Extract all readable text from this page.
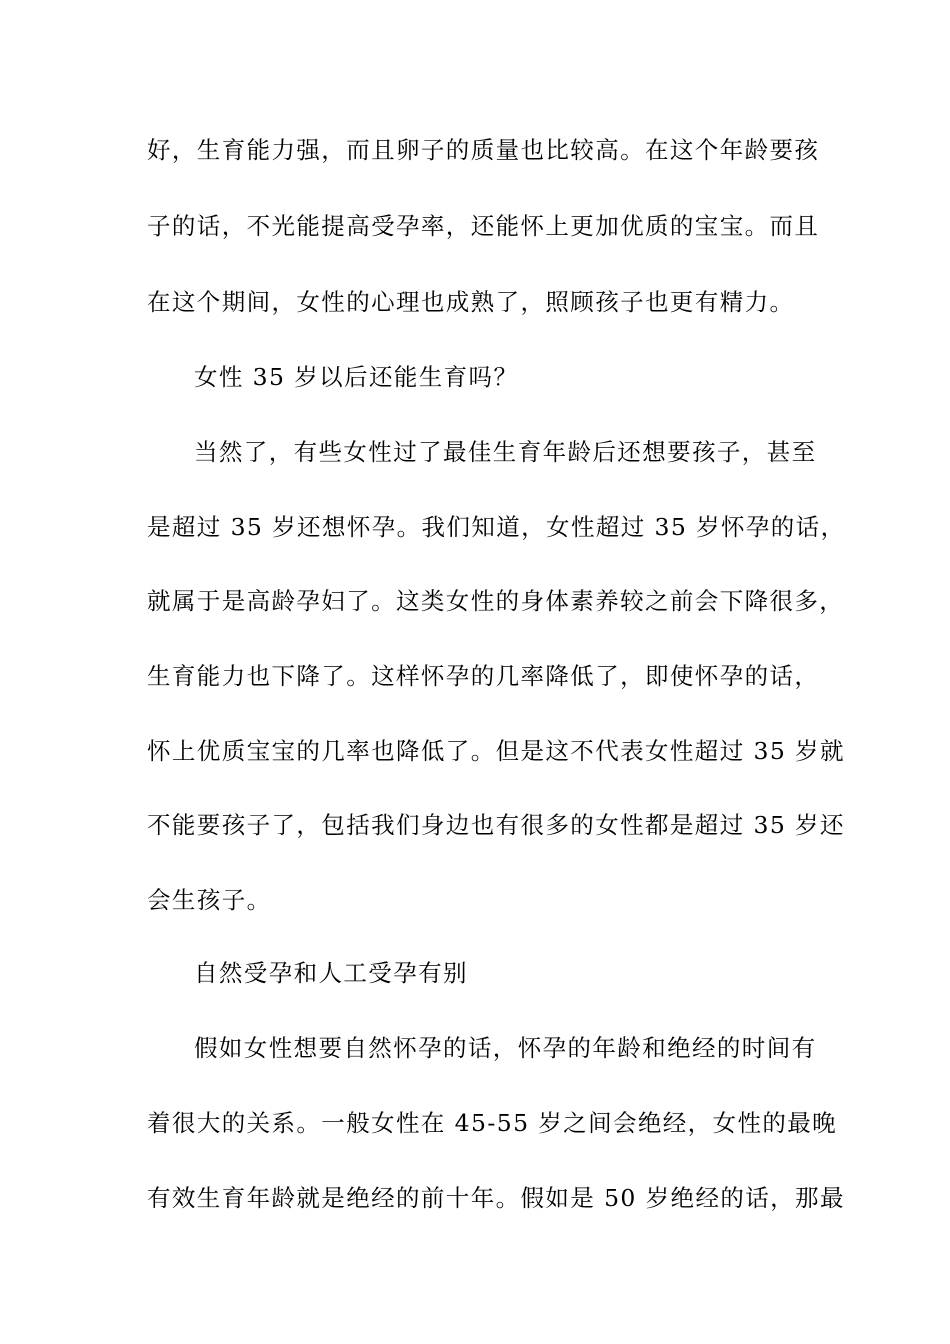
好，生育能力强，而且卵子的质量也比较高。在这个年龄要孩
子的话，不光能提高受孕率，还能怀上更加优质的宝宝。而且
在这个期间，女性的心理也成熟了，照顾孩子也更有精力。
女性 35 岁以后还能生育吗？
当然了，有些女性过了最佳生育年龄后还想要孩子，甚至
是超过 35 岁还想怀孕。我们知道，女性超过 35 岁怀孕的话，
就属于是高龄孕妇了。这类女性的身体素养较之前会下降很多，
生育能力也下降了。这样怀孕的几率降低了，即使怀孕的话，
怀上优质宝宝的几率也降低了。但是这不代表女性超过 35 岁就
不能要孩子了，包括我们身边也有很多的女性都是超过 35 岁还
会生孩子。
自然受孕和人工受孕有别
假如女性想要自然怀孕的话，怀孕的年龄和绝经的时间有
着很大的关系。一般女性在 45-55 岁之间会绝经，女性的最晚
有效生育年龄就是绝经的前十年。假如是 50 岁绝经的话，那最
